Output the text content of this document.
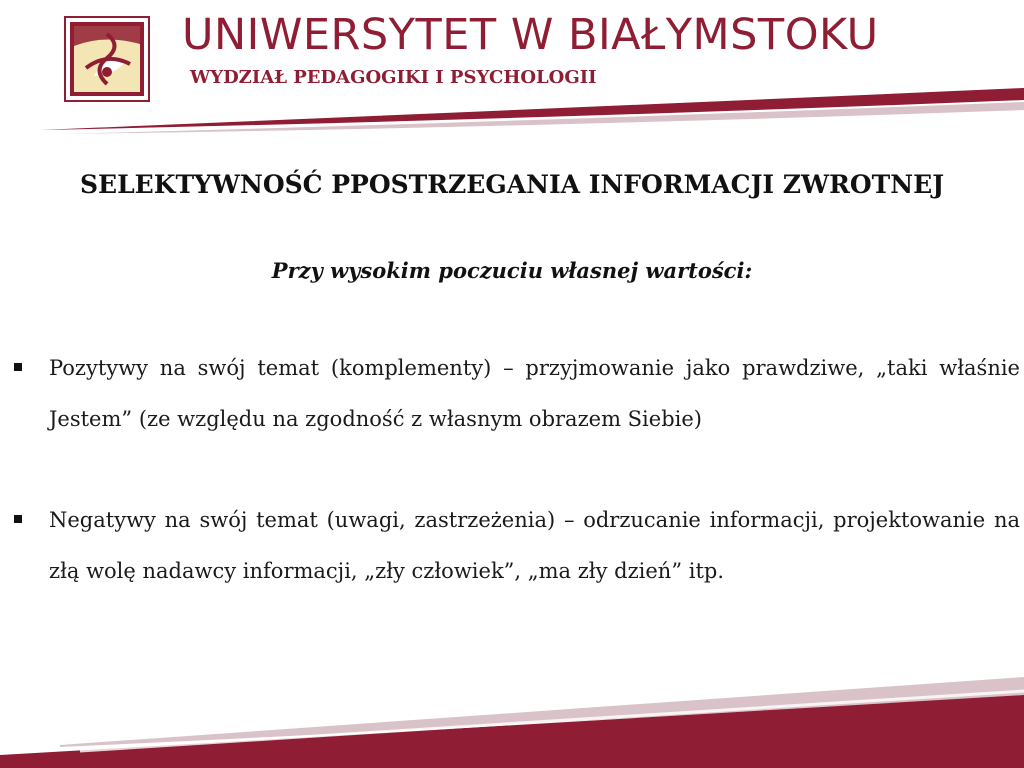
UNIWERSYTET W BIAŁYMSTOKU
WYDZIAŁ PEDAGOGIKI I PSYCHOLOGII
SELEKTYWNOŚĆ PPOSTRZEGANIA INFORMACJI ZWROTNEJ
Przy wysokim poczuciu własnej wartości:
Pozytywy na swój temat (komplementy) – przyjmowanie jako prawdziwe, „taki właśnie Jestem” (ze względu na zgodność z własnym obrazem Siebie)
Negatywy na swój temat (uwagi, zastrzeżenia) – odrzucanie informacji, projektowanie na złą wolę nadawcy informacji, „zły człowiek”, „ma zły dzień” itp.
